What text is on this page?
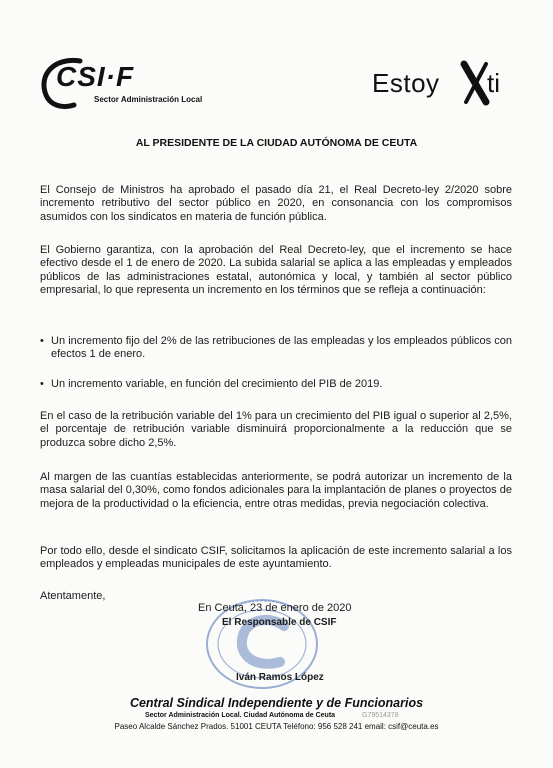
CSI·F
Sector Administración Local
Estoy ti
AL PRESIDENTE DE LA CIUDAD AUTÓNOMA DE CEUTA
El Consejo de Ministros ha aprobado el pasado día 21, el Real Decreto-ley 2/2020 sobre incremento retributivo del sector público en 2020, en consonancia con los compromisos asumidos con los sindicatos en materia de función pública.
El Gobierno garantiza, con la aprobación del Real Decreto-ley, que el incremento se hace efectivo desde el 1 de enero de 2020. La subida salarial se aplica a las empleadas y empleados públicos de las administraciones estatal, autonómica y local, y también al sector público empresarial, lo que representa un incremento en los términos que se refleja a continuación:
• Un incremento fijo del 2% de las retribuciones de las empleadas y los empleados públicos con efectos 1 de enero.
• Un incremento variable, en función del crecimiento del PIB de 2019.
En el caso de la retribución variable del 1% para un crecimiento del PIB igual o superior al 2,5%, el porcentaje de retribución variable disminuirá proporcionalmente a la reducción que se produzca sobre dicho 2,5%.
Al margen de las cuantías establecidas anteriormente, se podrá autorizar un incremento de la masa salarial del 0,30%, como fondos adicionales para la implantación de planes o proyectos de mejora de la productividad o la eficiencia, entre otras medidas, previa negociación colectiva.
Por todo ello, desde el sindicato CSIF, solicitamos la aplicación de este incremento salarial a los empleados y empleadas municipales de este ayuntamiento.
Atentamente,	· · ·
En Ceuta, 23 de enero de 2020
El Responsable de CSIF
Iván Ramos López
Central Sindical Independiente y de Funcionarios
Sector Administración Local. Ciudad Autónoma de Ceuta	G79514378
Paseo Alcalde Sánchez Prados. 51001 CEUTA Teléfono: 956 528 241 email: csif@ceuta.es
